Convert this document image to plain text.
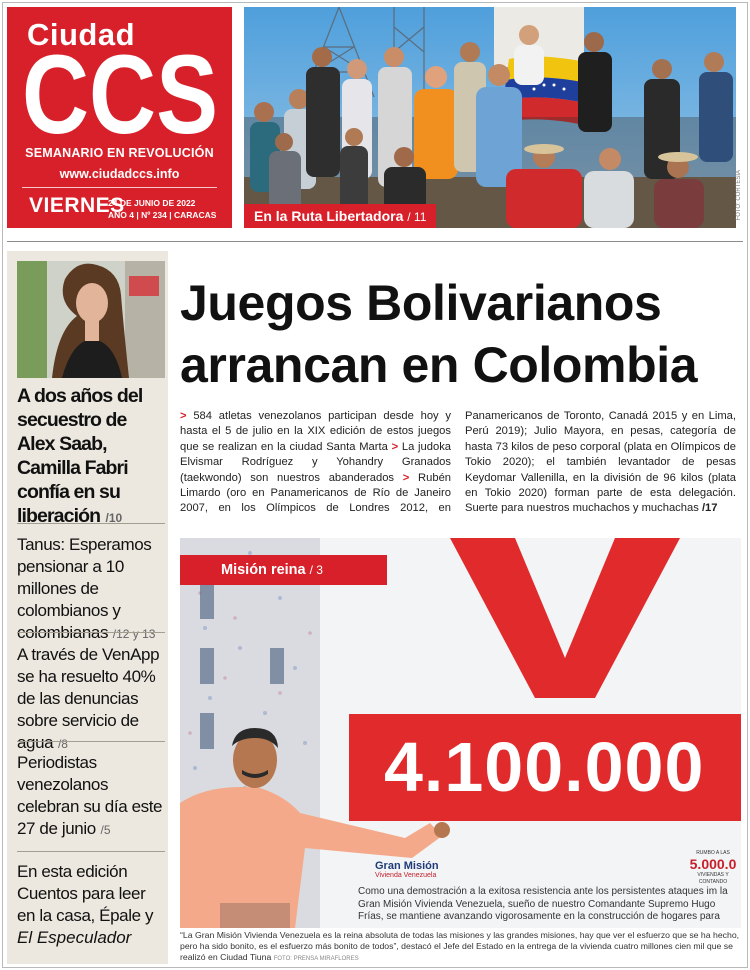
Ciudad
CCS
SEMANARIO EN REVOLUCIÓN
www.ciudadccs.info
VIERNES
24 DE JUNIO DE 2022
AÑO 4 | Nº 234 | CARACAS	En la Ruta Libertadora / 11	FOTO: CORTESÍA
A dos años del secuestro de Alex Saab, Camilla Fabri confía en su liberación /10
Tanus: Esperamos pensionar a 10 millones de colombianos y colombianas /12 y 13
A través de VenApp se ha resuelto 40% de las denuncias sobre servicio de agua /8
Periodistas venezolanos celebran su día este 27 de junio /5
En esta edición Cuentos para leer en la casa, Épale y El Especulador
Juegos Bolivarianos
arrancan en Colombia
> 584 atletas venezolanos participan desde hoy y hasta el 5 de julio en la XIX edición de estos juegos que se realizan en la ciudad Santa Marta > La judoka Elvismar Rodríguez y Yohandry Granados (taekwondo) son nuestros abanderados > Rubén Limardo (oro en Panamericanos de Río de Janeiro 2007, en los Olímpicos de Londres 2012, en Panamericanos de Toronto, Canadá 2015 y en Lima, Perú 2019); Julio Mayora, en pesas, categoría de hasta 73 kilos de peso corporal (plata en Olímpicos de Tokio 2020); el también levantador de pesas Keydomar Vallenilla, en la división de 96 kilos (plata en Tokio 2020) forman parte de esta delegación. Suerte para nuestros muchachos y muchachas /17
Misión reina / 3
4.100.000
Gran Misión
Vivienda Venezuela
RUMBO A LAS
5.000.0
VIVIENDAS Y CONTANDO
Como una demostración a la exitosa resistencia ante los persistentes ataques im la Gran Misión Vivienda Venezuela, sueño de nuestro Comandante Supremo Hugo Frías, se mantiene avanzando vigorosamente en la construcción de hogares para
“La Gran Misión Vivienda Venezuela es la reina absoluta de todas las misiones y las grandes misiones, hay que ver el esfuerzo que se ha hecho, pero ha sido bonito, es el esfuerzo más bonito de todos”, destacó el Jefe del Estado en la entrega de la vivienda cuatro millones cien mil que se realizó en Ciudad Tiuna FOTO: PRENSA MIRAFLORES
